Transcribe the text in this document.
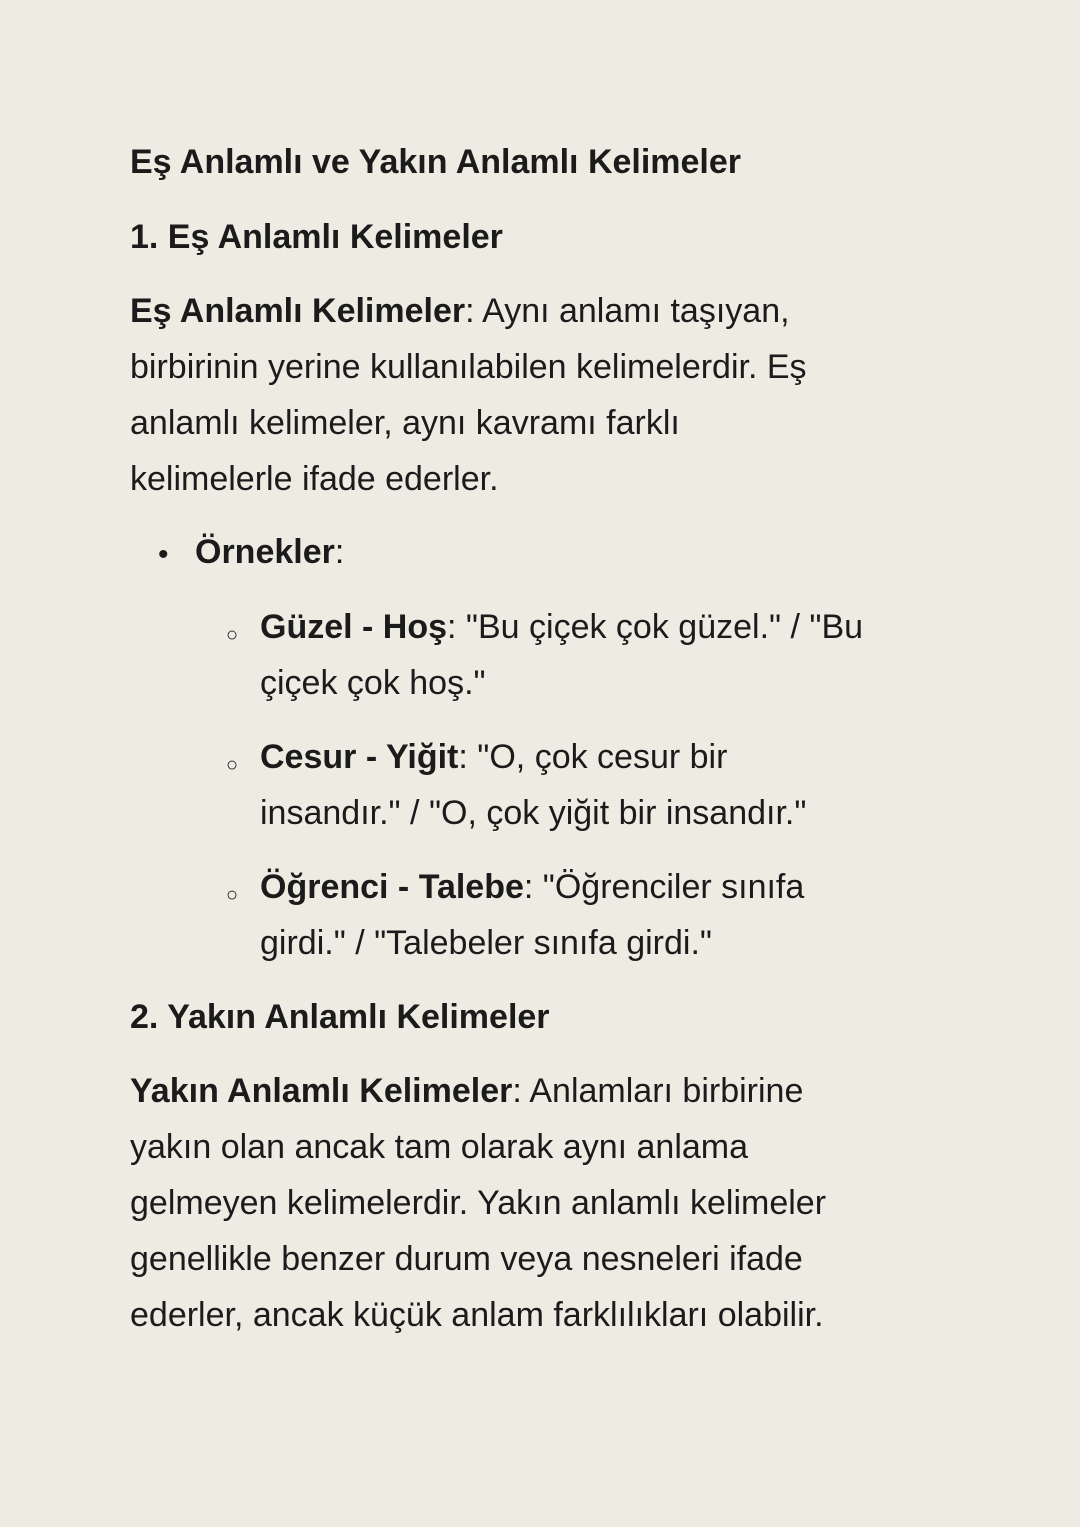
Eş Anlamlı ve Yakın Anlamlı Kelimeler
1. Eş Anlamlı Kelimeler
Eş Anlamlı Kelimeler: Aynı anlamı taşıyan,
birbirinin yerine kullanılabilen kelimelerdir. Eş
anlamlı kelimeler, aynı kavramı farklı
kelimelerle ifade ederler.
• Örnekler:
○ Güzel - Hoş: "Bu çiçek çok güzel." / "Bu
çiçek çok hoş."
○ Cesur - Yiğit: "O, çok cesur bir
insandır." / "O, çok yiğit bir insandır."
○ Öğrenci - Talebe: "Öğrenciler sınıfa
girdi." / "Talebeler sınıfa girdi."
2. Yakın Anlamlı Kelimeler
Yakın Anlamlı Kelimeler: Anlamları birbirine
yakın olan ancak tam olarak aynı anlama
gelmeyen kelimelerdir. Yakın anlamlı kelimeler
genellikle benzer durum veya nesneleri ifade
ederler, ancak küçük anlam farklılıkları olabilir.
